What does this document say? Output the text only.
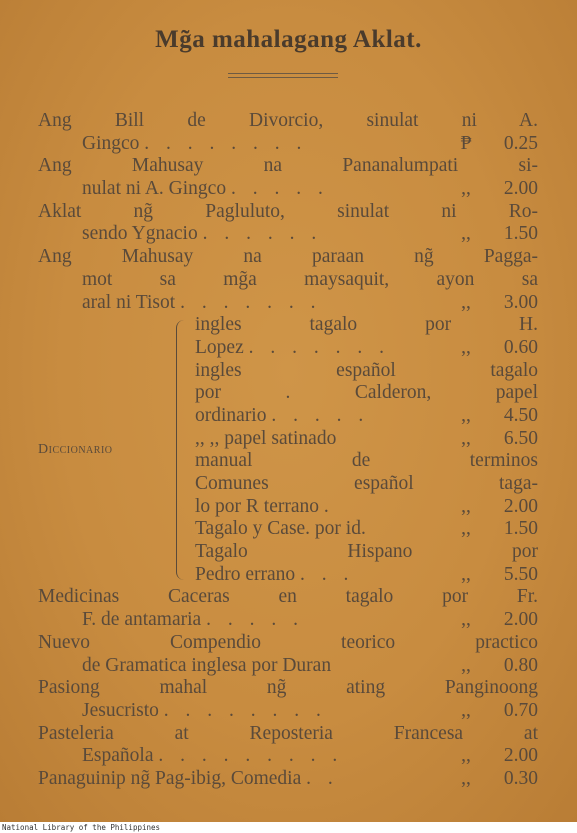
Mg̃a mahalagang Aklat.
Ang Bill de Divorcio, sinulat ni A.
Gingco . . . . . . . .	₱	0.25
Ang Mahusay na Pananalumpati si-
nulat ni A. Gingco . . . . .	,,	2.00
Aklat ng̃ Pagluluto, sinulat ni Ro-
sendo Ygnacio . . . . . .	,,	1.50
Ang Mahusay na paraan ng̃ Pagga-
mot sa mg̃a maysaquit, ayon sa
aral ni Tisot . . . . . . .	,,	3.00
Diccionario
ingles tagalo por H.
Lopez . . . . . . .	,,	0.60
ingles español tagalo
por . Calderon, papel
ordinario . . . . .	,,	4.50
,, ,, papel satinado	,,	6.50
manual de terminos
Comunes español taga-
lo por R terrano .	,,	2.00
Tagalo y Case. por id.	,,	1.50
Tagalo Hispano por
Pedro errano . . .	,,	5.50
Medicinas Caceras en tagalo por Fr.
F. de antamaria . . . . .	,,	2.00
Nuevo Compendio teorico practico
de Gramatica inglesa por Duran	,,	0.80
Pasiong mahal ng̃ ating Panginoong
Jesucristo . . . . . . . .	,,	0.70
Pasteleria at Reposteria Francesa at
Española . . . . . . . . .	,,	2.00
Panaguinip ng̃ Pag-ibig, Comedia . .	,,	0.30
National Library of the Philippines
